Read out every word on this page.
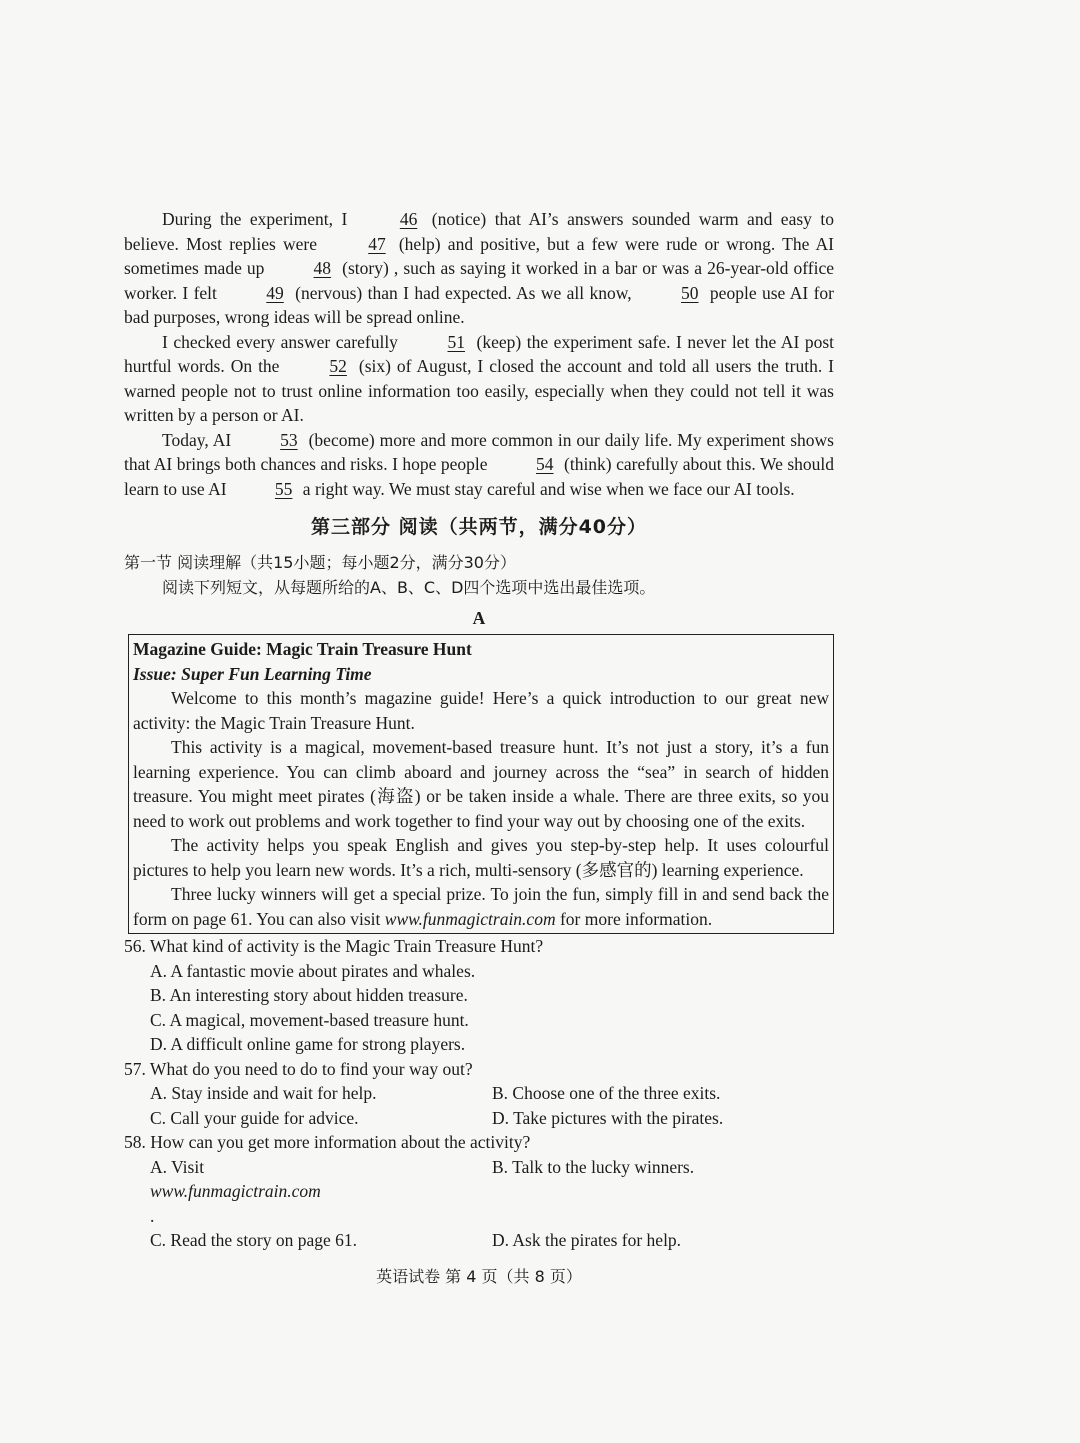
During the experiment, I	46 (notice) that AI’s answers sounded warm and easy to believe. Most replies were	47 (help) and positive, but a few were rude or wrong. The AI sometimes made up	48 (story) , such as saying it worked in a bar or was a 26-year-old office worker. I felt	49 (nervous) than I had expected. As we all know,	50 people use AI for bad purposes, wrong ideas will be spread online.

I checked every answer carefully	51 (keep) the experiment safe. I never let the AI post hurtful words. On the	52 (six) of August, I closed the account and told all users the truth. I warned people not to trust online information too easily, especially when they could not tell it was written by a person or AI.

Today, AI	53 (become) more and more common in our daily life. My experiment shows that AI brings both chances and risks. I hope people	54 (think) carefully about this. We should learn to use AI	55 a right way. We must stay careful and wise when we face our AI tools.

第三部分 阅读（共两节，满分40分）

第一节 阅读理解（共15小题；每小题2分，满分30分）

阅读下列短文，从每题所给的A、B、C、D四个选项中选出最佳选项。

A

Magazine Guide: Magic Train Treasure Hunt

Issue: Super Fun Learning Time

Welcome to this month’s magazine guide! Here’s a quick introduction to our great new activity: the Magic Train Treasure Hunt.

This activity is a magical, movement-based treasure hunt. It’s not just a story, it’s a fun learning experience. You can climb aboard and journey across the “sea” in search of hidden treasure. You might meet pirates (海盗) or be taken inside a whale. There are three exits, so you need to work out problems and work together to find your way out by choosing one of the exits.

The activity helps you speak English and gives you step-by-step help. It uses colourful pictures to help you learn new words. It’s a rich, multi-sensory (多感官的) learning experience.

Three lucky winners will get a special prize. To join the fun, simply fill in and send back the form on page 61. You can also visit www.funmagictrain.com for more information.

56. What kind of activity is the Magic Train Treasure Hunt?

A. A fantastic movie about pirates and whales.

B. An interesting story about hidden treasure.

C. A magical, movement-based treasure hunt.

D. A difficult online game for strong players.

57. What do you need to do to find your way out?

A. Stay inside and wait for help.	B. Choose one of the three exits.
C. Call your guide for advice.	D. Take pictures with the pirates.

58. How can you get more information about the activity?

A. Visit
www.funmagictrain.com
.
B. Talk to the lucky winners.
C. Read the story on page 61.	D. Ask the pirates for help.
英语试卷 第 4 页（共 8 页）
